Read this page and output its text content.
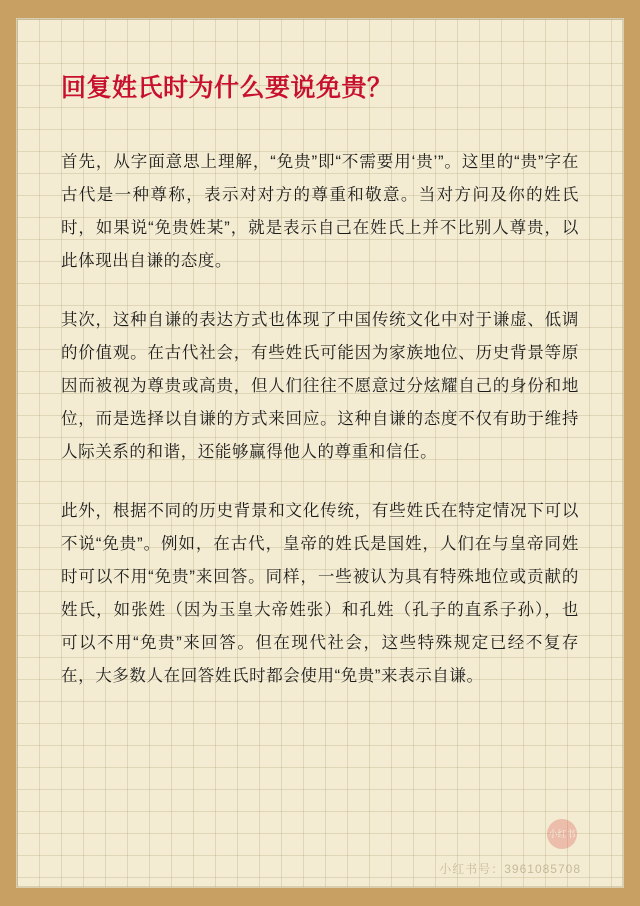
回复姓氏时为什么要说免贵？

首先，从字面意思上理解，“免贵”即“不需要用‘贵’”。这里的“贵”字在古代是一种尊称，表示对对方的尊重和敬意。当对方问及你的姓氏时，如果说“免贵姓某”，就是表示自己在姓氏上并不比别人尊贵，以此体现出自谦的态度。

其次，这种自谦的表达方式也体现了中国传统文化中对于谦虚、低调的价值观。在古代社会，有些姓氏可能因为家族地位、历史背景等原因而被视为尊贵或高贵，但人们往往不愿意过分炫耀自己的身份和地位，而是选择以自谦的方式来回应。这种自谦的态度不仅有助于维持人际关系的和谐，还能够赢得他人的尊重和信任。

此外，根据不同的历史背景和文化传统，有些姓氏在特定情况下可以不说“免贵”。例如，在古代，皇帝的姓氏是国姓，人们在与皇帝同姓时可以不用“免贵”来回答。同样，一些被认为具有特殊地位或贡献的姓氏，如张姓（因为玉皇大帝姓张）和孔姓（孔子的直系子孙），也可以不用“免贵”来回答。但在现代社会，这些特殊规定已经不复存在，大多数人在回答姓氏时都会使用“免贵”来表示自谦。

小红书
小红书号：3961085708
